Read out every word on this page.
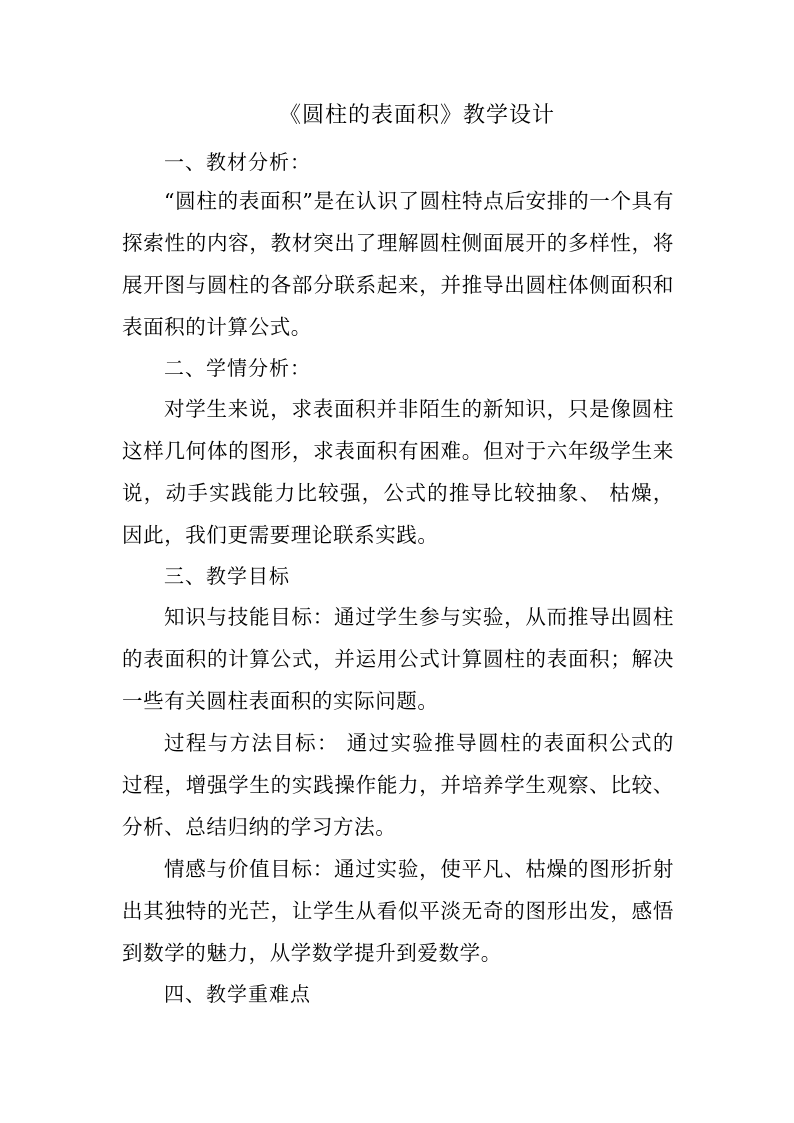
《圆柱的表面积》教学设计
一、教材分析：
“圆柱的表面积”是在认识了圆柱特点后安排的一个具有探索性的内容，教材突出了理解圆柱侧面展开的多样性，将展开图与圆柱的各部分联系起来，并推导出圆柱体侧面积和表面积的计算公式。
二、学情分析：
对学生来说，求表面积并非陌生的新知识，只是像圆柱这样几何体的图形，求表面积有困难。但对于六年级学生来说，动手实践能力比较强，公式的推导比较抽象、 枯燥，因此，我们更需要理论联系实践。
三、教学目标
知识与技能目标：通过学生参与实验，从而推导出圆柱的表面积的计算公式，并运用公式计算圆柱的表面积；解决一些有关圆柱表面积的实际问题。
过程与方法目标： 通过实验推导圆柱的表面积公式的过程，增强学生的实践操作能力，并培养学生观察、比较、分析、总结归纳的学习方法。
情感与价值目标：通过实验，使平凡、枯燥的图形折射出其独特的光芒，让学生从看似平淡无奇的图形出发，感悟到数学的魅力，从学数学提升到爱数学。
四、教学重难点
